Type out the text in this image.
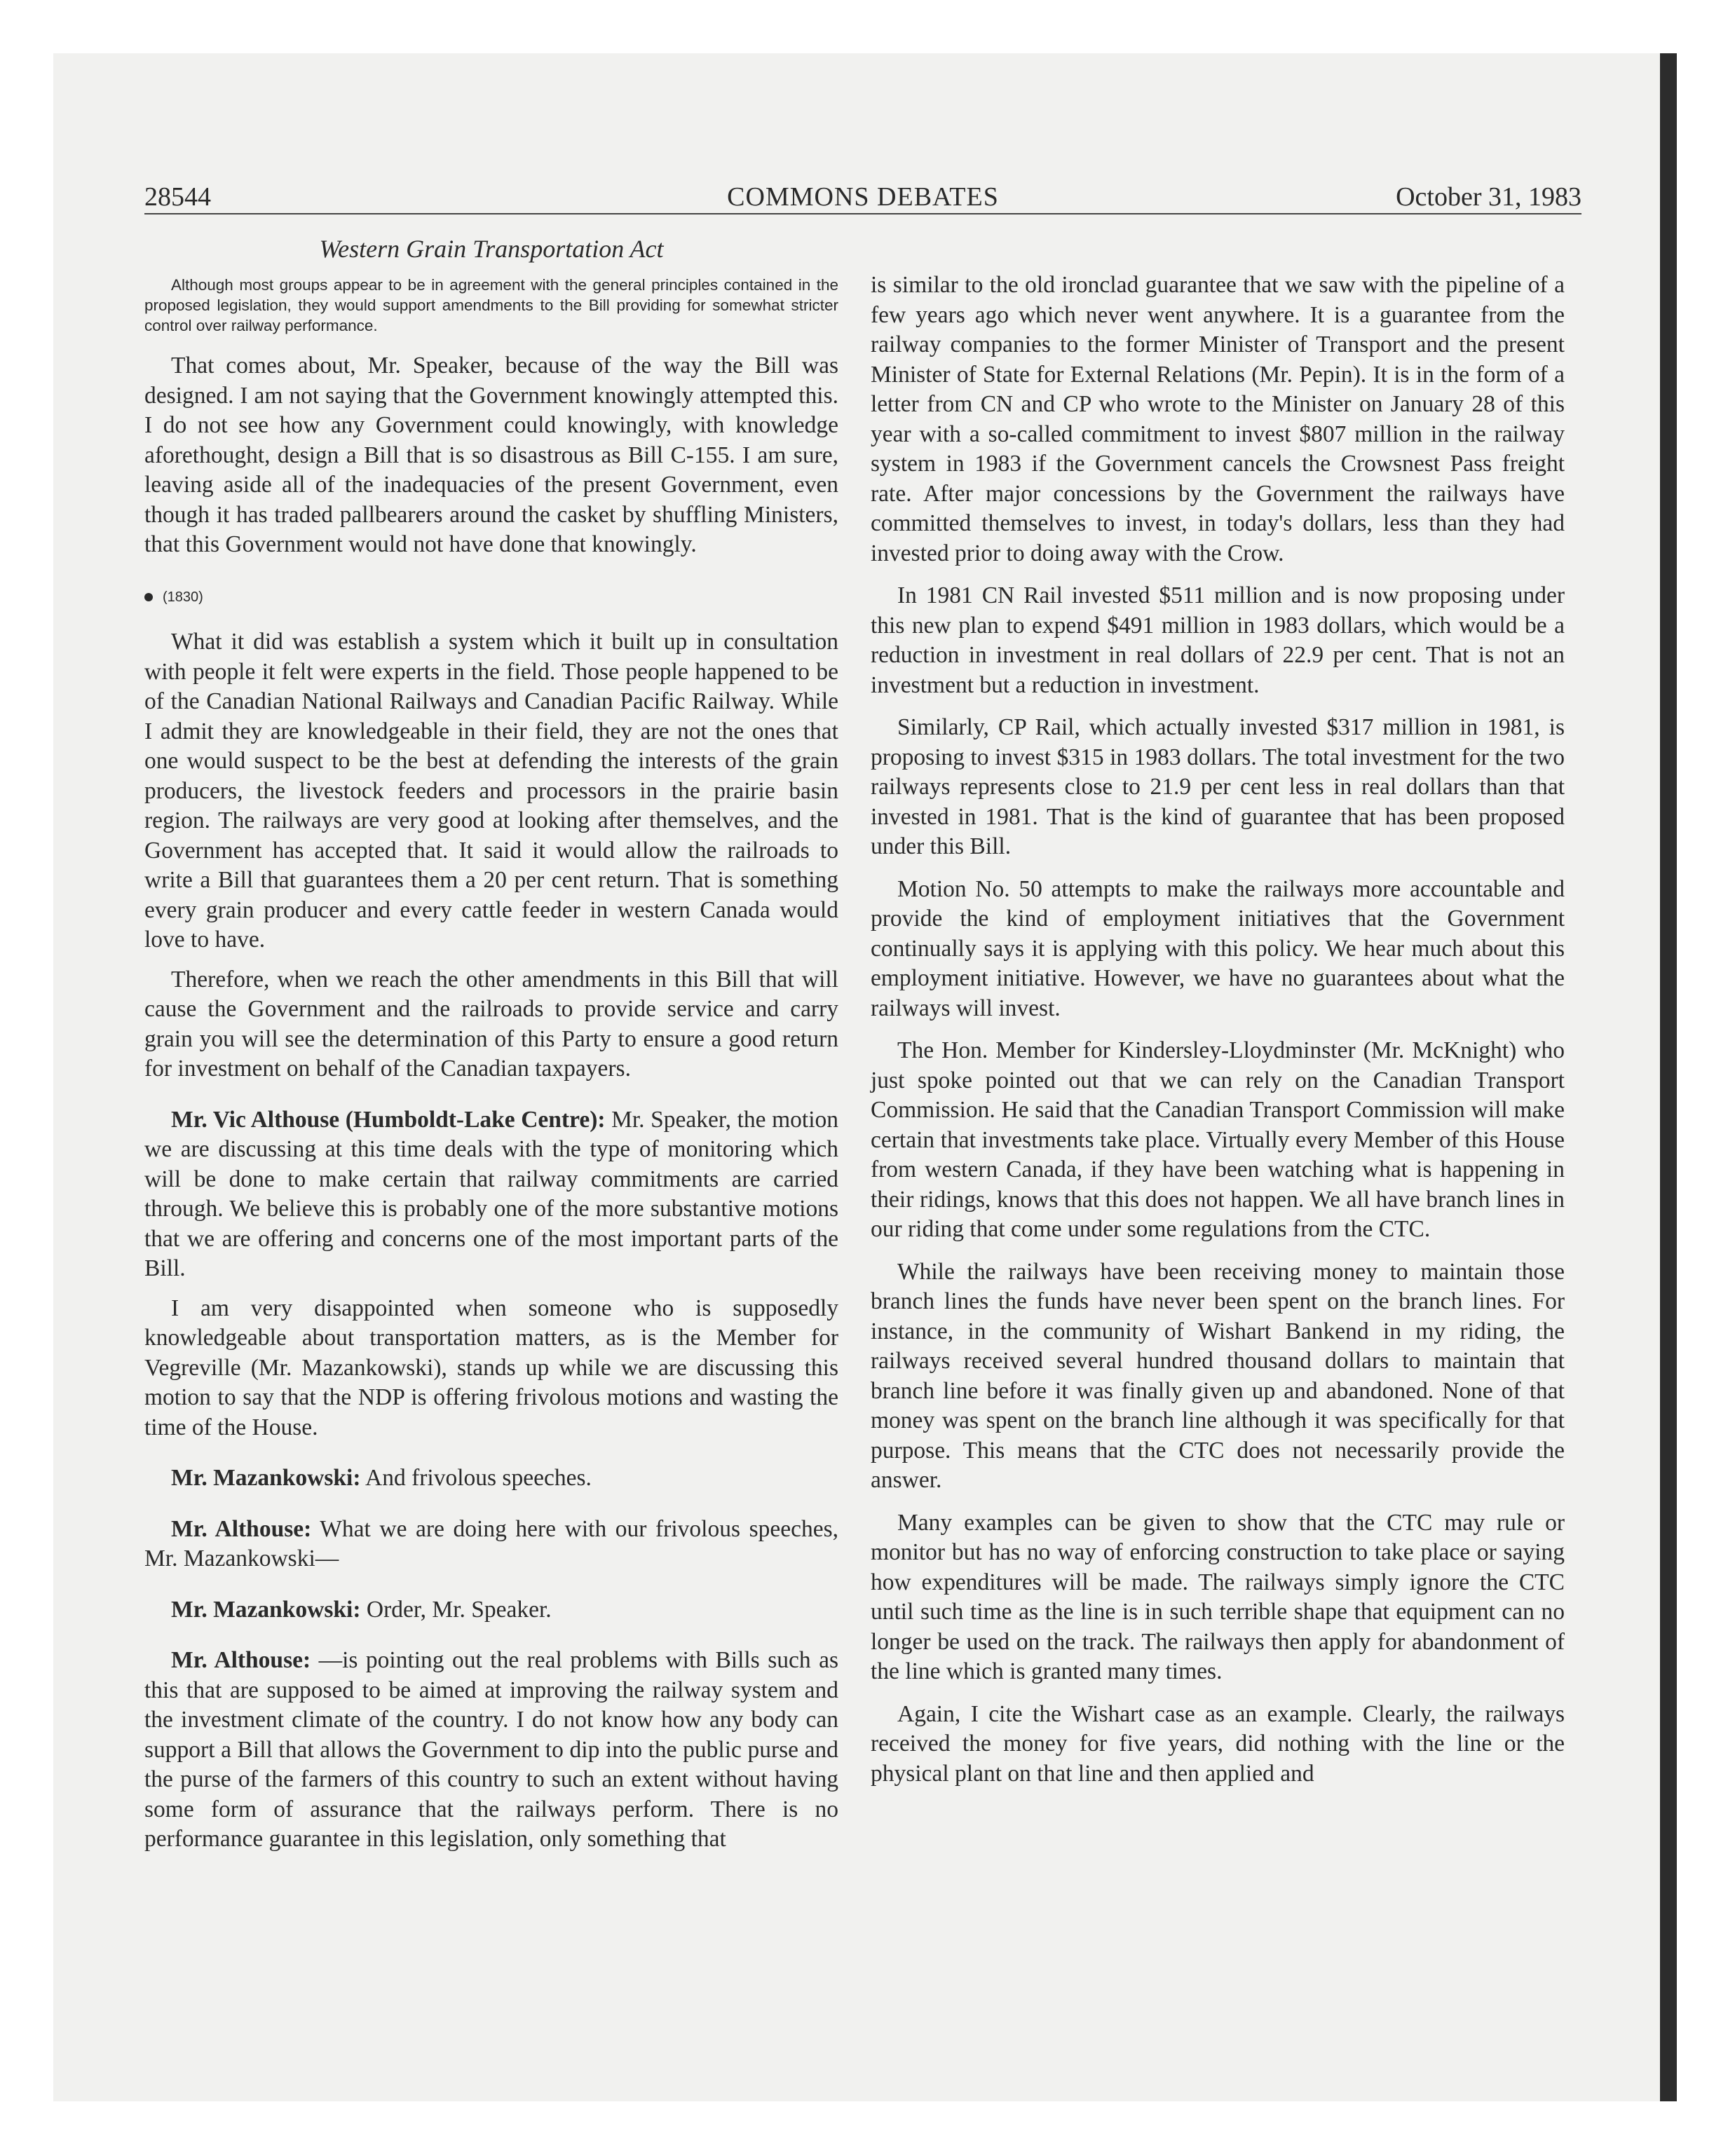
28544	COMMONS DEBATES	October 31, 1983

Western Grain Transportation Act

Although most groups appear to be in agreement with the general principles contained in the proposed legislation, they would support amendments to the Bill providing for somewhat stricter control over railway performance.

That comes about, Mr. Speaker, because of the way the Bill was designed. I am not saying that the Government knowingly attempted this. I do not see how any Government could knowingly, with knowledge aforethought, design a Bill that is so disastrous as Bill C-155. I am sure, leaving aside all of the inadequacies of the present Government, even though it has traded pallbearers around the casket by shuffling Ministers, that this Government would not have done that knowingly.

(1830)

What it did was establish a system which it built up in consultation with people it felt were experts in the field. Those people happened to be of the Canadian National Railways and Canadian Pacific Railway. While I admit they are knowledgeable in their field, they are not the ones that one would suspect to be the best at defending the interests of the grain producers, the livestock feeders and processors in the prairie basin region. The railways are very good at looking after themselves, and the Government has accepted that. It said it would allow the railroads to write a Bill that guarantees them a 20 per cent return. That is something every grain producer and every cattle feeder in western Canada would love to have.

Therefore, when we reach the other amendments in this Bill that will cause the Government and the railroads to provide service and carry grain you will see the determination of this Party to ensure a good return for investment on behalf of the Canadian taxpayers.

Mr. Vic Althouse (Humboldt-Lake Centre): Mr. Speaker, the motion we are discussing at this time deals with the type of monitoring which will be done to make certain that railway commitments are carried through. We believe this is probably one of the more substantive motions that we are offering and concerns one of the most important parts of the Bill.

I am very disappointed when someone who is supposedly knowledgeable about transportation matters, as is the Member for Vegreville (Mr. Mazankowski), stands up while we are discussing this motion to say that the NDP is offering frivolous motions and wasting the time of the House.

Mr. Mazankowski: And frivolous speeches.

Mr. Althouse: What we are doing here with our frivolous speeches, Mr. Mazankowski—

Mr. Mazankowski: Order, Mr. Speaker.

Mr. Althouse: —is pointing out the real problems with Bills such as this that are supposed to be aimed at improving the railway system and the investment climate of the country. I do not know how any body can support a Bill that allows the Government to dip into the public purse and the purse of the farmers of this country to such an extent without having some form of assurance that the railways perform. There is no performance guarantee in this legislation, only something that

is similar to the old ironclad guarantee that we saw with the pipeline of a few years ago which never went anywhere. It is a guarantee from the railway companies to the former Minister of Transport and the present Minister of State for External Relations (Mr. Pepin). It is in the form of a letter from CN and CP who wrote to the Minister on January 28 of this year with a so-called commitment to invest $807 million in the railway system in 1983 if the Government cancels the Crowsnest Pass freight rate. After major concessions by the Government the railways have committed themselves to invest, in today's dollars, less than they had invested prior to doing away with the Crow.

In 1981 CN Rail invested $511 million and is now proposing under this new plan to expend $491 million in 1983 dollars, which would be a reduction in investment in real dollars of 22.9 per cent. That is not an investment but a reduction in investment.

Similarly, CP Rail, which actually invested $317 million in 1981, is proposing to invest $315 in 1983 dollars. The total investment for the two railways represents close to 21.9 per cent less in real dollars than that invested in 1981. That is the kind of guarantee that has been proposed under this Bill.

Motion No. 50 attempts to make the railways more accountable and provide the kind of employment initiatives that the Government continually says it is applying with this policy. We hear much about this employment initiative. However, we have no guarantees about what the railways will invest.

The Hon. Member for Kindersley-Lloydminster (Mr. McKnight) who just spoke pointed out that we can rely on the Canadian Transport Commission. He said that the Canadian Transport Commission will make certain that investments take place. Virtually every Member of this House from western Canada, if they have been watching what is happening in their ridings, knows that this does not happen. We all have branch lines in our riding that come under some regulations from the CTC.

While the railways have been receiving money to maintain those branch lines the funds have never been spent on the branch lines. For instance, in the community of Wishart Bankend in my riding, the railways received several hundred thousand dollars to maintain that branch line before it was finally given up and abandoned. None of that money was spent on the branch line although it was specifically for that purpose. This means that the CTC does not necessarily provide the answer.

Many examples can be given to show that the CTC may rule or monitor but has no way of enforcing construction to take place or saying how expenditures will be made. The railways simply ignore the CTC until such time as the line is in such terrible shape that equipment can no longer be used on the track. The railways then apply for abandonment of the line which is granted many times.

Again, I cite the Wishart case as an example. Clearly, the railways received the money for five years, did nothing with the line or the physical plant on that line and then applied and
